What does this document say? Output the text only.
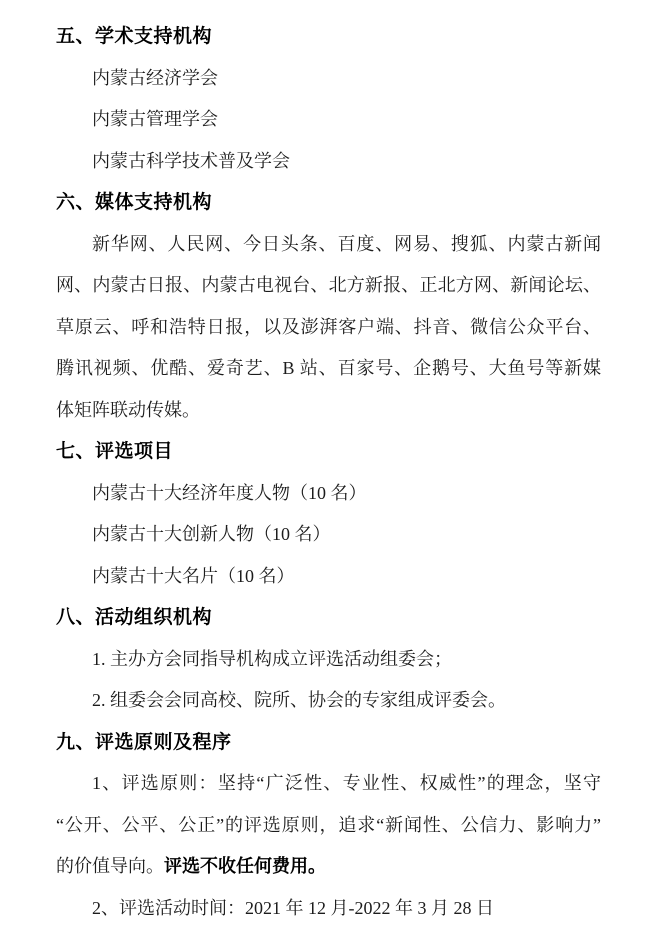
五、学术支持机构
内蒙古经济学会
内蒙古管理学会
内蒙古科学技术普及学会
六、媒体支持机构
新华网、人民网、今日头条、百度、网易、搜狐、内蒙古新闻
网、内蒙古日报、内蒙古电视台、北方新报、正北方网、新闻论坛、
草原云、呼和浩特日报，以及澎湃客户端、抖音、微信公众平台、
腾讯视频、优酷、爱奇艺、B 站、百家号、企鹅号、大鱼号等新媒
体矩阵联动传媒。
七、评选项目
内蒙古十大经济年度人物（10 名）
内蒙古十大创新人物（10 名）
内蒙古十大名片（10 名）
八、活动组织机构
1. 主办方会同指导机构成立评选活动组委会；
2. 组委会会同高校、院所、协会的专家组成评委会。
九、评选原则及程序
1、评选原则：坚持“广泛性、专业性、权威性”的理念，坚守
“公开、公平、公正”的评选原则，追求“新闻性、公信力、影响力”
的价值导向。评选不收任何费用。
2、评选活动时间：2021 年 12 月-2022 年 3 月 28 日
